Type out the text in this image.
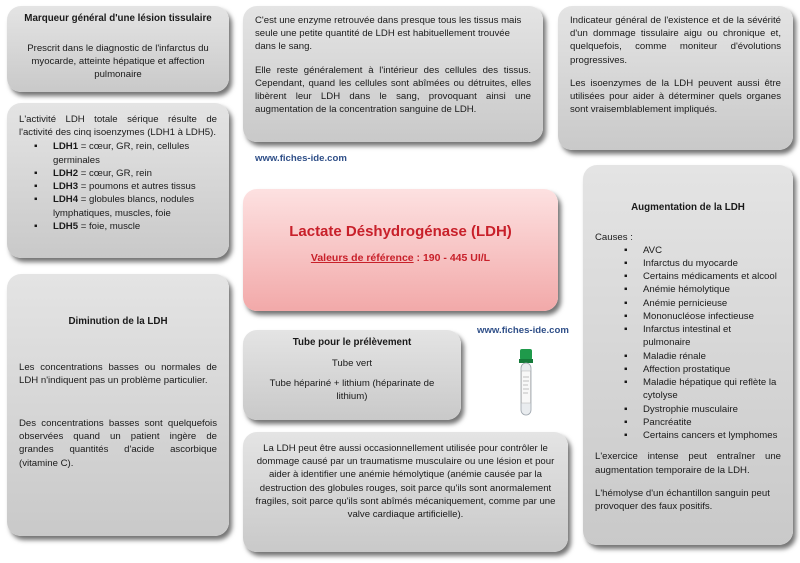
Marqueur général d'une lésion tissulaire

Prescrit dans le diagnostic de l'infarctus du myocarde, atteinte hépatique et affection pulmonaire

C'est une enzyme retrouvée dans presque tous les tissus mais seule une petite quantité de LDH est habituellement trouvée dans le sang.

Elle reste généralement à l'intérieur des cellules des tissus. Cependant, quand les cellules sont abîmées ou détruites, elles libèrent leur LDH dans le sang, provoquant ainsi une augmentation de la concentration sanguine de LDH.

Indicateur général de l'existence et de la sévérité d'un dommage tissulaire aigu ou chronique et, quelquefois, comme moniteur d'évolutions progressives.

Les isoenzymes de la LDH peuvent aussi être utilisées pour aider à déterminer quels organes sont vraisemblablement impliqués.

L'activité LDH totale sérique résulte de l'activité des cinq isoenzymes (LDH1 à LDH5).

▪ LDH1 = cœur, GR, rein, cellules germinales
▪ LDH2 = cœur, GR, rein
▪ LDH3 = poumons et autres tissus
▪ LDH4 = globules blancs, nodules lymphatiques, muscles, foie
▪ LDH5 = foie, muscle
www.fiches-ide.com
Lactate Déshydrogénase (LDH)
Valeurs de référence : 190 - 445 UI/L
Diminution de la LDH

Les concentrations basses ou normales de LDH n'indiquent pas un problème particulier.

Des concentrations basses sont quelquefois observées quand un patient ingère de grandes quantités d'acide ascorbique (vitamine C).

Tube pour le prélèvement

Tube vert

Tube hépariné + lithium (héparinate de lithium)

www.fiches-ide.com

La LDH peut être aussi occasionnellement utilisée pour contrôler le dommage causé par un traumatisme musculaire ou une lésion et pour aider à identifier une anémie hémolytique (anémie causée par la destruction des globules rouges, soit parce qu'ils sont anormalement fragiles, soit parce qu'ils sont abîmés mécaniquement, comme par une valve cardiaque artificielle).

Augmentation de la LDH

Causes :

▪ AVC
▪ Infarctus du myocarde
▪ Certains médicaments et alcool
▪ Anémie hémolytique
▪ Anémie pernicieuse
▪ Mononucléose infectieuse
▪ Infarctus intestinal et pulmonaire
▪ Maladie rénale
▪ Affection prostatique
▪ Maladie hépatique qui reflète la cytolyse
▪ Dystrophie musculaire
▪ Pancréatite
▪ Certains cancers et lymphomes

L'exercice intense peut entraîner une augmentation temporaire de la LDH.

L'hémolyse d'un échantillon sanguin peut provoquer des faux positifs.
